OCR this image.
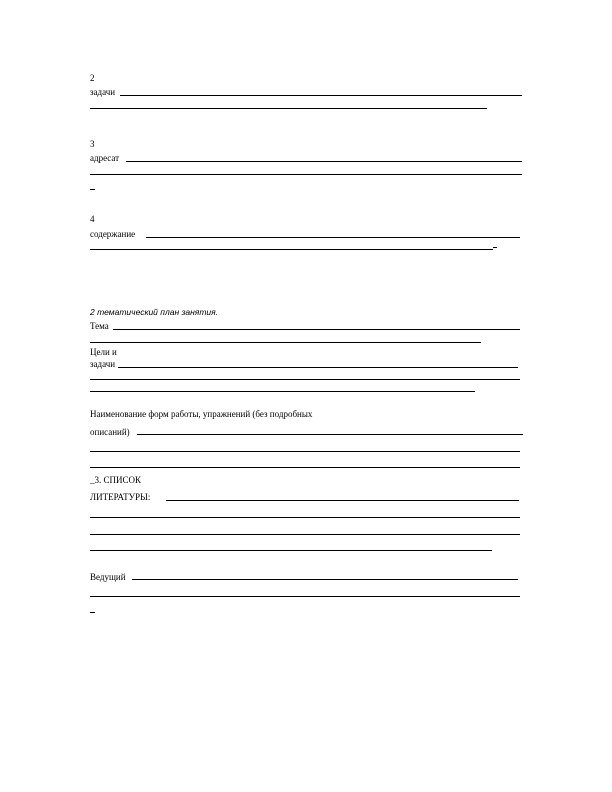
2
задачи
3
адресат
4
содержание
2 тематический план занятия.
Тема
Цели и
задачи
Наименование форм работы, упражнений (без подробных
описаний)
_3. СПИСОК
ЛИТЕРАТУРЫ:
Ведущий
